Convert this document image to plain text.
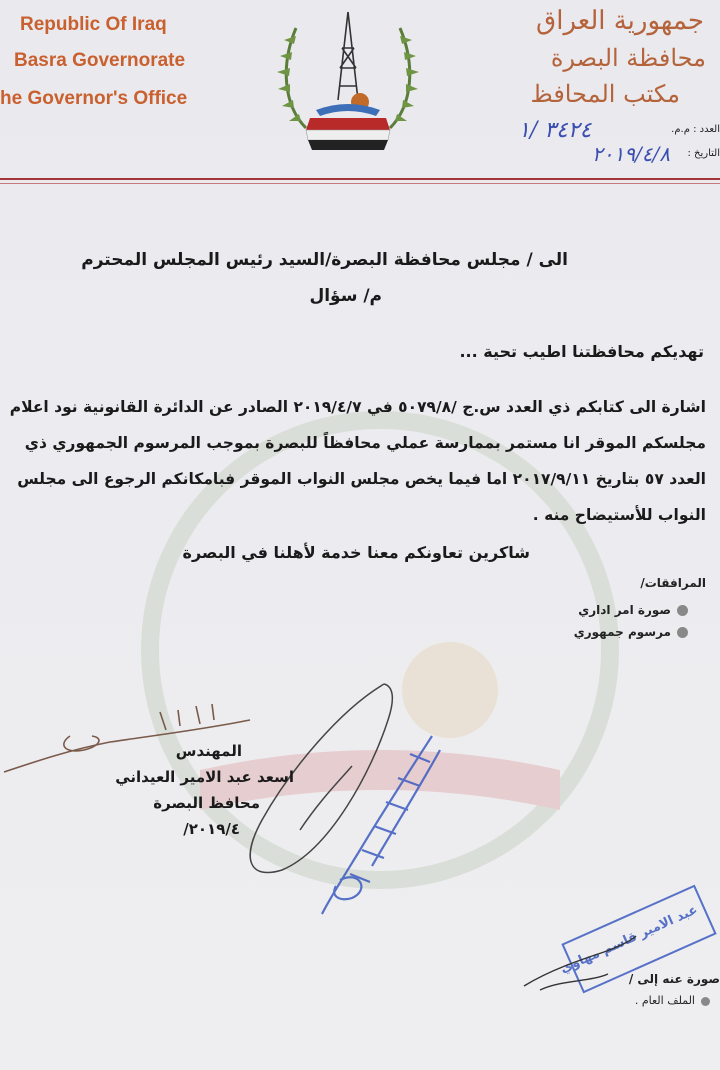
Republic Of Iraq
Basra Governorate
he Governor's Office
جمهورية العراق
محافظة البصرة
مكتب المحافظ
العدد : م.م.
٣٤٢٤ /١
التاريخ :
٢٠١٩/٤/٨
الى / مجلس محافظة البصرة/السيد رئيس المجلس المحترم
م/ سؤال
تهديكم محافظتنا اطيب تحية ...
اشارة الى كتابكم ذي العدد س.ج /٥٠٧٩/٨ في ٢٠١٩/٤/٧ الصادر عن الدائرة القانونية نود اعلام
مجلسكم الموقر انا مستمر بممارسة عملي محافظاً للبصرة بموجب المرسوم الجمهوري ذي
العدد ٥٧ بتاريخ ٢٠١٧/٩/١١ اما فيما يخص مجلس النواب الموقر فبامكانكم الرجوع الى مجلس
النواب للأستيضاح منه .
شاكرين تعاونكم معنا خدمة لأهلنا في البصرة
المرافقات/
صورة امر اداري
مرسوم جمهوري
المهندس
اسعد عبد الامير العيداني
محافظ البصرة
٢٠١٩/٤/
عبد الامير قاسم مهاوي
صورة عنه إلى /
الملف العام .
